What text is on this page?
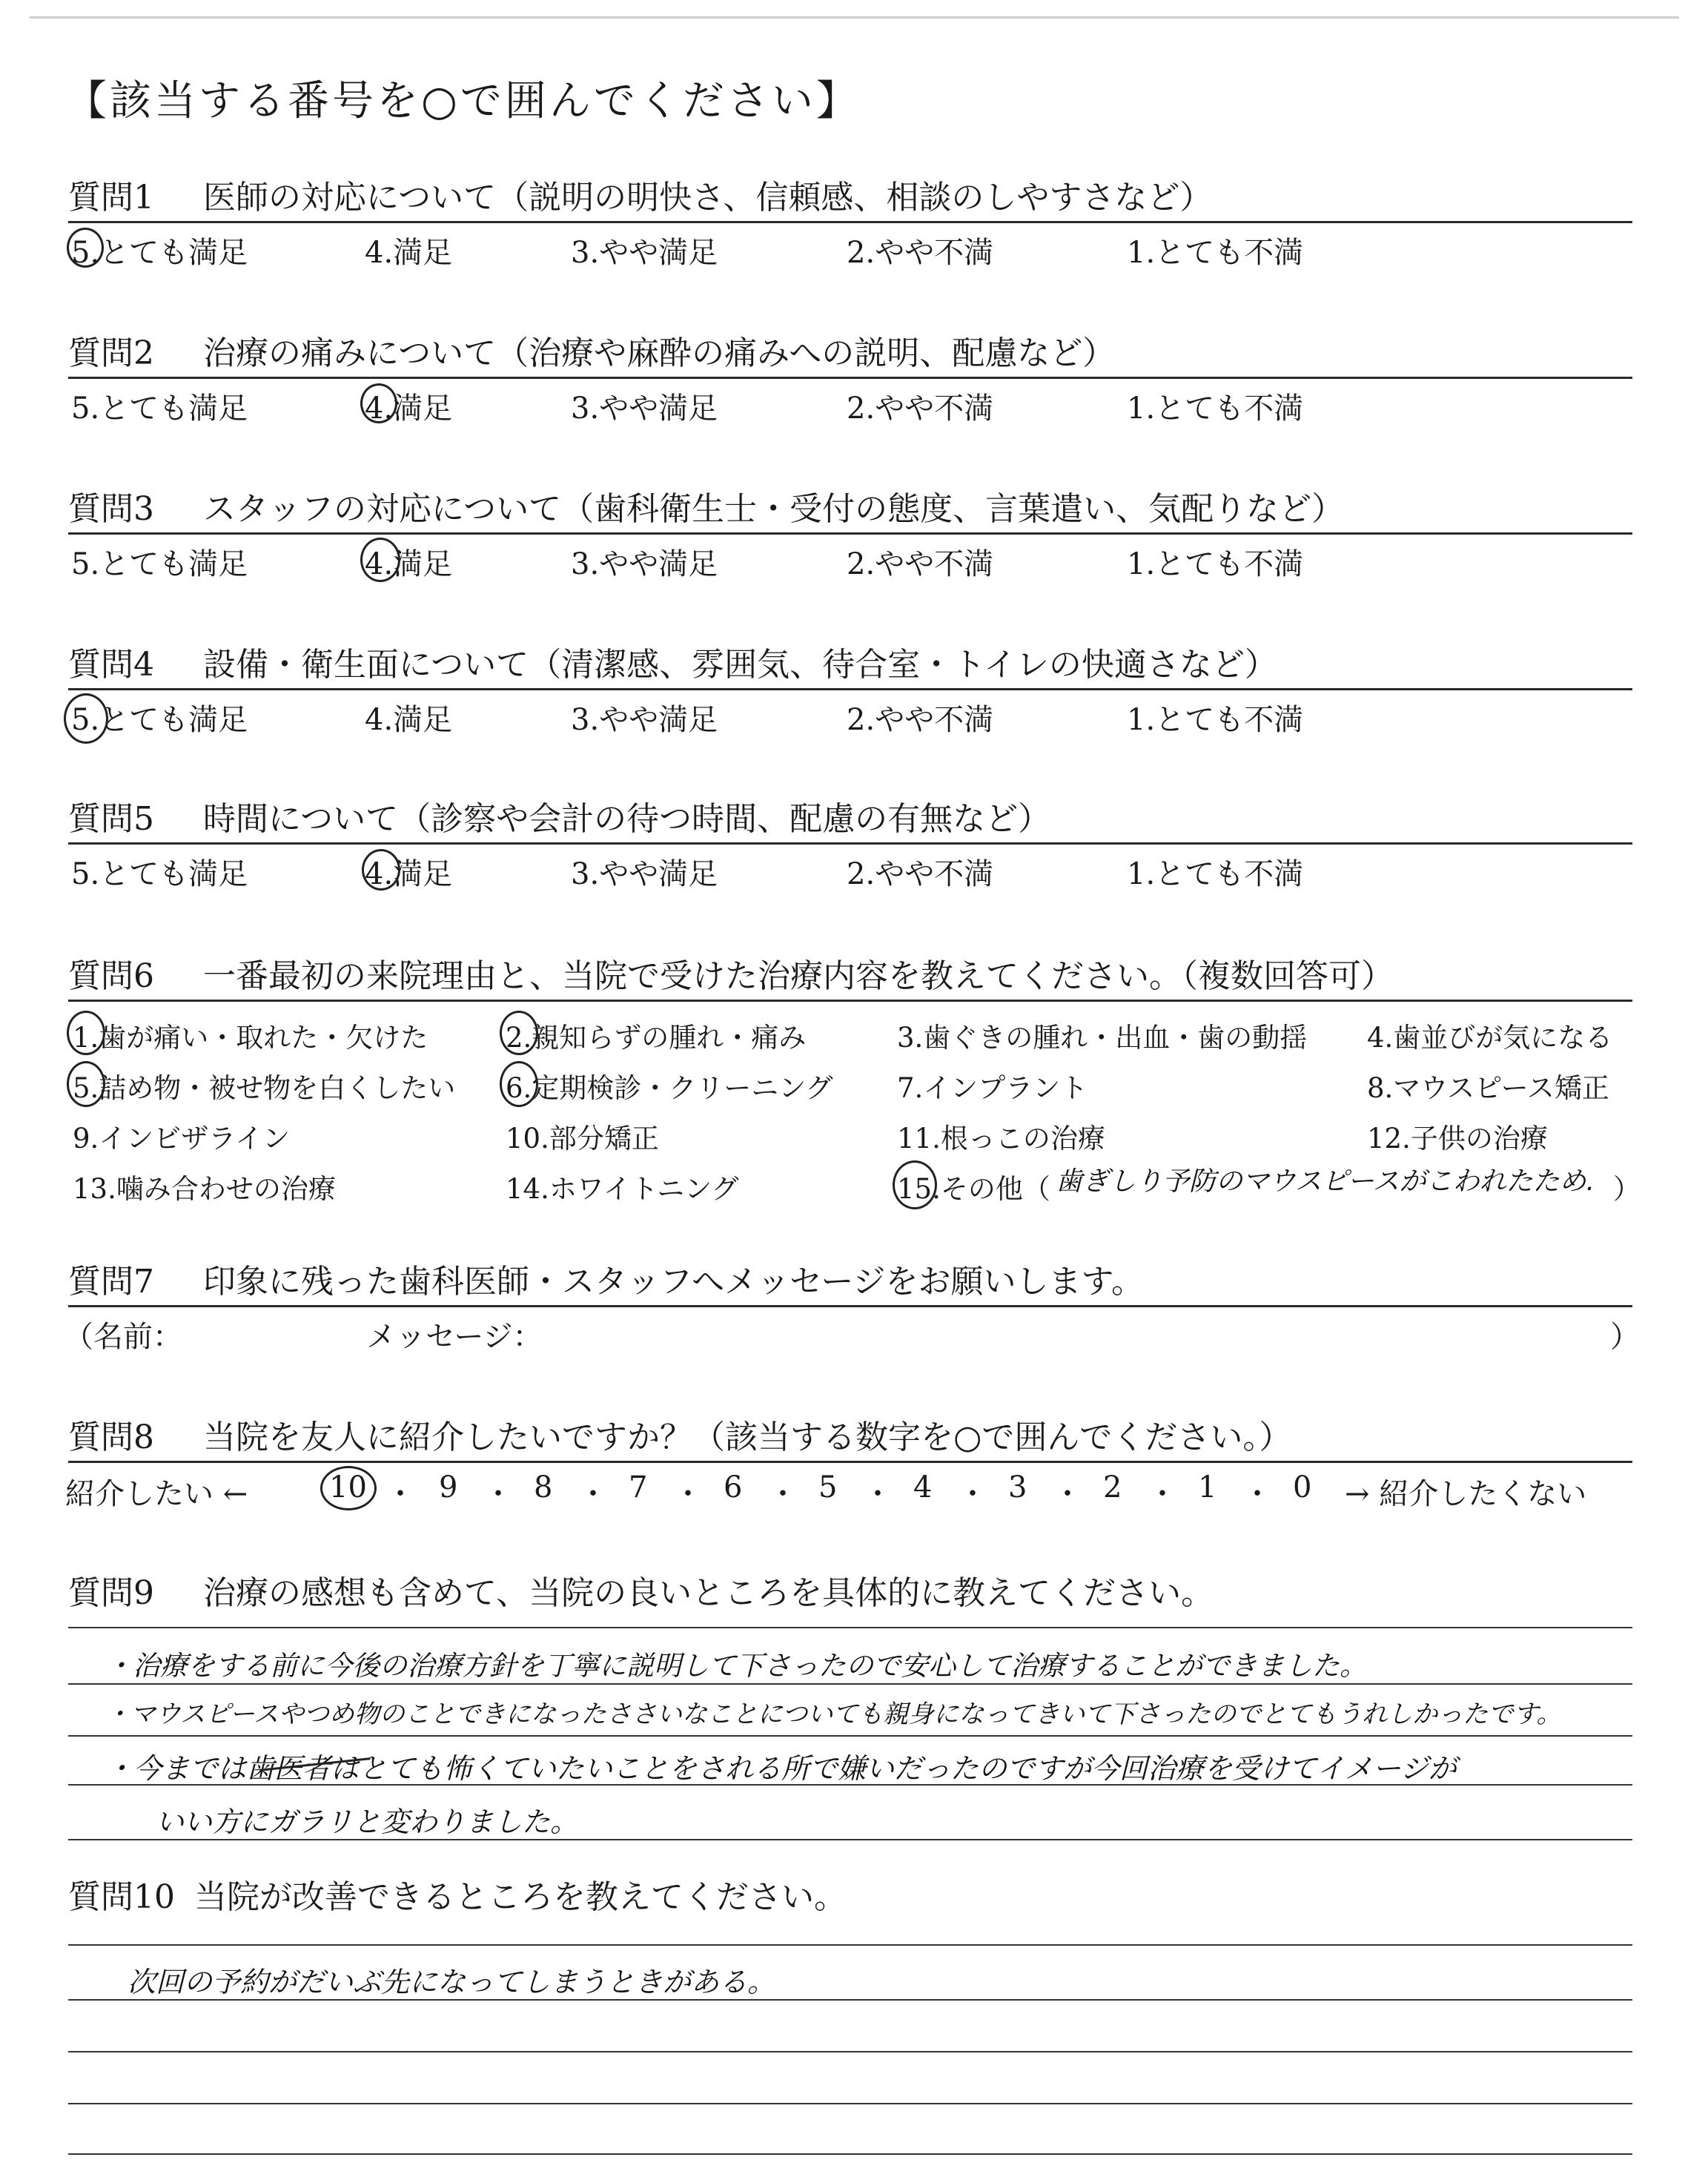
【該当する番号を○で囲んでください】
質問1 医師の対応について（説明の明快さ、信頼感、相談のしやすさなど）
5.とても満足	4.満足	3.やや満足	2.やや不満	1.とても不満
質問2 治療の痛みについて（治療や麻酔の痛みへの説明、配慮など）
5.とても満足	4.満足	3.やや満足	2.やや不満	1.とても不満
質問3 スタッフの対応について（歯科衛生士・受付の態度、言葉遣い、気配りなど）
5.とても満足	4.満足	3.やや満足	2.やや不満	1.とても不満
質問4 設備・衛生面について（清潔感、雰囲気、待合室・トイレの快適さなど）
5.とても満足	4.満足	3.やや満足	2.やや不満	1.とても不満
質問5 時間について（診察や会計の待つ時間、配慮の有無など）
5.とても満足	4.満足	3.やや満足	2.やや不満	1.とても不満
質問6 一番最初の来院理由と、当院で受けた治療内容を教えてください。（複数回答可）
1.歯が痛い・取れた・欠けた	2.親知らずの腫れ・痛み	3.歯ぐきの腫れ・出血・歯の動揺 4.歯並びが気になる
5.詰め物・被せ物を白くしたい 6.定期検診・クリーニング 7.インプラント	8.マウスピース矯正
9.インビザライン	10.部分矯正	11.根っこの治療	12.子供の治療
13.噛み合わせの治療	14.ホワイトニング	15.その他（ 歯ぎしり予防のマウスピースがこわれたため. ）
質問7 印象に残った歯科医師・スタッフへメッセージをお願いします。
（名前：	メッセージ：	）
質問8 当院を友人に紹介したいですか？（該当する数字を○で囲んでください。）
紹介したい ←	10 ・ 9 ・ 8 ・ 7 ・ 6 ・ 5 ・ 4 ・ 3 ・ 2 ・ 1 ・ 0 → 紹介したくない
質問9 治療の感想も含めて、当院の良いところを具体的に教えてください。
・治療をする前に今後の治療方針を丁寧に説明して下さったので安心して治療することができました。
・マウスピースやつめ物のことできになったささいなことについても親身になってきいて下さったのでとてもうれしかったです。
・今までは歯医者はとても怖くていたいことをされる所で嫌いだったのですが今回治療を受けてイメージが
いい方にガラリと変わりました。
質問10 当院が改善できるところを教えてください。
次回の予約がだいぶ先になってしまうときがある。
